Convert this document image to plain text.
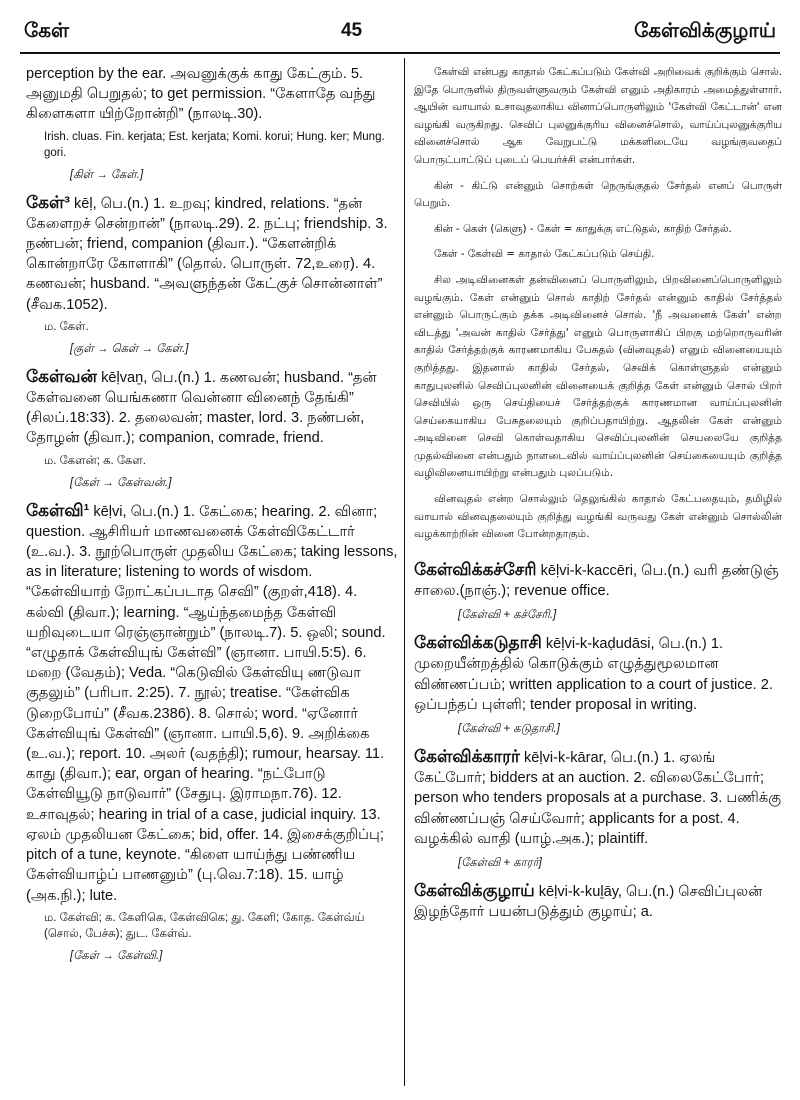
கேள்	45	கேள்விக்குழாய்

perception by the ear. அவனுக்குக் காது கேட்கும். 5. அனுமதி பெறுதல்; to get permission. “கேளாதே வந்து கிளைகளா யிற்றோன்றி” (நாலடி.30).

Irish. cluas. Fin. kerjata; Est. kerjata; Komi. korui; Hung. ker; Mung. gori.

[கிள் → கேள்.]

கேள்³ kēḷ, பெ.(n.) 1. உறவு; kindred, relations. “தன் கேளைறச் சென்றான்” (நாலடி.29). 2. நட்பு; friendship. 3. நண்பன்; friend, companion (திவா.). “கேளன்றிக் கொன்றாரே கோளாகி” (தொல். பொருள். 72,உரை). 4. கணவன்; husband. “அவளுந்தன் கேட்குச் சொன்னாள்” (சீவக.1052).

ம. கேள்.

[குள் → கெள் → கேள்.]

கேள்வன் kēḷvaṉ, பெ.(n.) 1. கணவன்; husband. “தன் கேள்வனை யெங்கணா வென்னா வினைந் தேங்கி” (சிலப்.18:33). 2. தலைவன்; master, lord. 3. நண்பன், தோழன் (திவா.); companion, comrade, friend.

ம. கேளன்; க. கேள.

[கேள் → கேள்வன்.]

கேள்வி¹ kēḷvi, பெ.(n.) 1. கேட்கை; hearing. 2. வினா; question. ஆசிரியர் மாணவனைக் கேள்விகேட்டார் (உ.வ.). 3. நூற்பொருள் முதலிய கேட்கை; taking lessons, as in literature; listening to words of wisdom. “கேள்வியாற் றோட்கப்படாத செவி” (குறள்,418). 4. கல்வி (திவா.); learning. “ஆய்ந்தமைந்த கேள்வி யறிவுடையா ரெஞ்ஞான்றும்” (நாலடி.7). 5. ஒலி; sound. “எழுதாக் கேள்வியுங் கேள்வி” (ஞானா. பாயி.5:5). 6. மறை (வேதம்); Veda. “கெடுவில் கேள்வியு ணடுவா குதலும்” (பரிபா. 2:25). 7. நூல்; treatise. “கேள்விக டுறைபோய்” (சீவக.2386). 8. சொல்; word. “ஏனோர் கேள்வியுங் கேள்வி” (ஞானா. பாயி.5,6). 9. அறிக்கை (உ.வ.); report. 10. அலர் (வதந்தி); rumour, hearsay. 11. காது (திவா.); ear, organ of hearing. “நட்போடு கேள்வியூடு நாடுவார்” (சேதுபு. இராமநா.76). 12. உசாவுதல்; hearing in trial of a case, judicial inquiry. 13. ஏலம் முதலியன கேட்கை; bid, offer. 14. இசைக்குறிப்பு; pitch of a tune, keynote. “கிளை யாய்ந்து பண்ணிய கேள்வியாழ்ப் பாணனும்” (பு.வெ.7:18). 15. யாழ் (அக.நி.); lute.

ம. கேள்வி; க. கேளிகெ, கேள்விகெ; து. கேளி; கோத. கேள்வ்ய் (சொல், பேச்சு); துட. கேள்வ்.

[கேள் → கேள்வி.]

கேள்வி என்பது காதால் கேட்கப்படும் கேள்வி அறிவைக் குறிக்கும் சொல். இதே பொருளில் திருவள்ளுவரும் கேள்வி எனும் அதிகாரம் அமைத்துள்ளார். ஆயின் வாயால் உசாவுதலாகிய வினாப்பொருளிலும் 'கேள்வி கேட்டான்' என வழங்கி வருகிறது. செவிப் புலனுக்குரிய வினைச்சொல், வாய்ப்புலனுக்குரிய வினைச்சொல் ஆக வேறுபட்டு மக்களிடையே வழங்குவதைப் பொருட்பாட்டுப் புடைப் பெயர்ச்சி என்பார்கள்.

கின் - கிட்டு என்னும் சொற்கள் நெருங்குதல் சேர்தல் எனப் பொருள் பெறும்.

கின் - கெள் (கெளு) - கேள் = காதுக்கு எட்டுதல், காதிற் சேர்தல்.

கேள் - கேள்வி = காதால் கேட்கப்படும் செய்தி.

சில அடிவினைகள் தன்வினைப் பொருளிலும், பிறவினைப்பொருளிலும் வழங்கும். கேள் என்னும் சொல் காதிற் சேர்தல் என்னும் காதில் சேர்த்தல் என்னும் பொருட்கும் தக்க அடிவினைச் சொல். 'நீ அவனைக் கேள்' என்ற விடத்து 'அவன் காதில் சேர்த்து' எனும் பொருளாகிப் பிறகு மற்றொருவரின் காதில் சேர்த்தற்குக் காரணமாகிய பேசுதல் (வினவுதல்) எனும் வினையையும் குறித்தது. இதனால் காதில் சேர்தல், செவிக் கொள்ளுதல் என்னும் காதுபுலனில் செவிப்புலனின் வினையைக் குறித்த கேள் என்னும் சொல் பிறர் செவியில் ஒரு செய்தியைச் சேர்த்தற்குக் காரணமான வாய்ப்புலனின் செய்கையாகிய பேசுதலையும் குறிப்பதாயிற்று. ஆதலின் கேள் என்னும் அடிவினை செவி கொள்வதாகிய செவிப்புலனின் செயலையே குறித்த முதல்வினை என்பதும் நாளடைவில் வாய்ப்புலனின் செய்கையையும் குறித்த வழிவினையாயிற்று என்பதும் புலப்படும்.

வினவுதல் என்ற சொல்லும் தெலுங்கில் காதால் கேட்பதையும், தமிழில் வாயால் வினவுதலையும் குறித்து வழங்கி வருவது கேள் என்னும் சொல்லின் வழக்காற்றின் வினை போன்றதாகும்.

கேள்விக்கச்சேரி kēḷvi-k-kaccēri, பெ.(n.) வரி தண்டுஞ் சாலை.(நாஞ்.); revenue office.

[கேள்வி + கச்சேரி.]

கேள்விக்கடுதாசி kēḷvi-k-kaḍudāsi, பெ.(n.) 1. முறையீன்றத்தில் கொடுக்கும் எழுத்துமூலமான விண்ணப்பம்; written application to a court of justice. 2. ஒப்பந்தப் புள்ளி; tender proposal in writing.

[கேள்வி + கடுதாசி.]

கேள்விக்காரர் kēḷvi-k-kārar, பெ.(n.) 1. ஏலங் கேட்போர்; bidders at an auction. 2. விலைகேட்போர்; person who tenders proposals at a purchase. 3. பணிக்கு விண்ணப்பஞ் செய்வோர்; applicants for a post. 4. வழக்கில் வாதி (யாழ்.அக.); plaintiff.

[கேள்வி + காரர்]

கேள்விக்குழாய் kēḷvi-k-kuḻāy, பெ.(n.) செவிப்புலன் இழந்தோர் பயன்படுத்தும் குழாய்; a.
